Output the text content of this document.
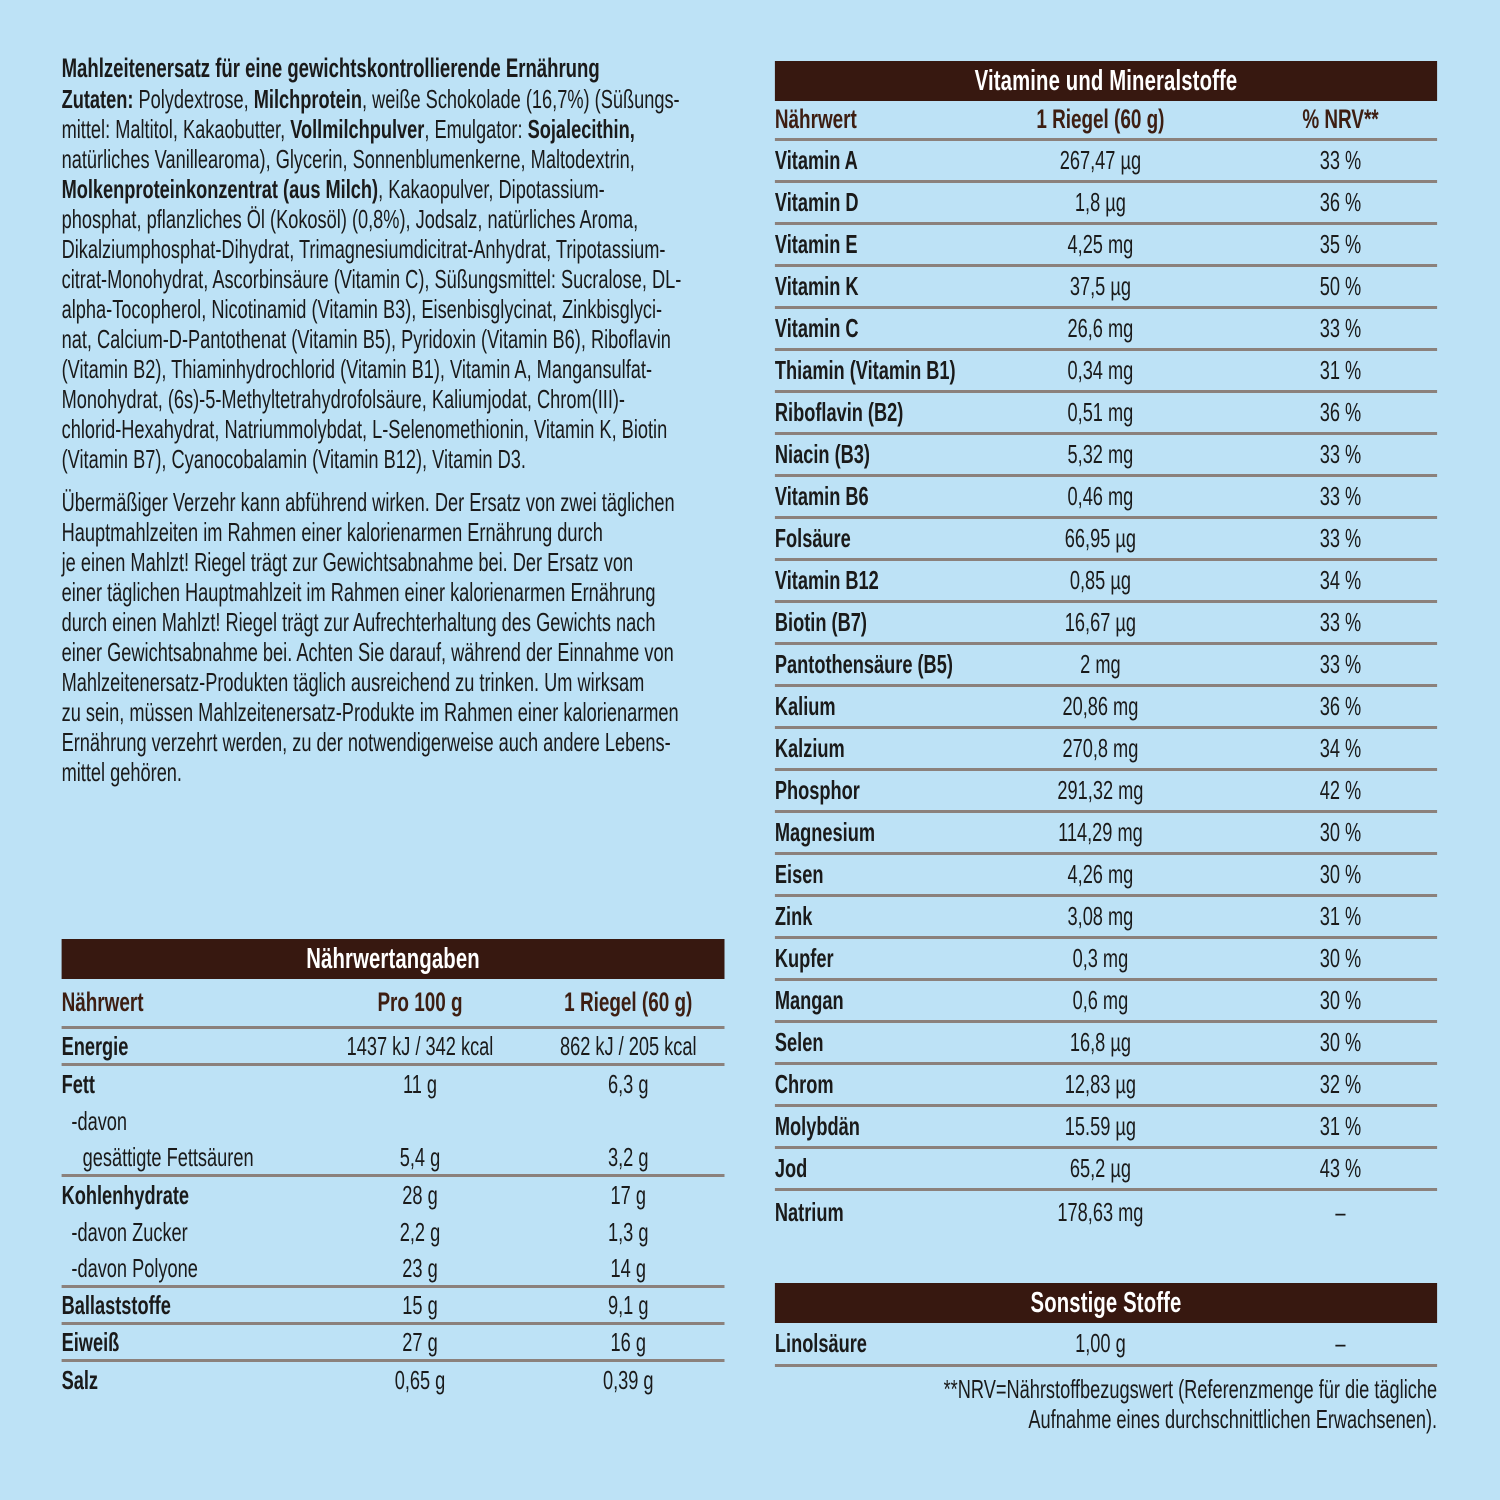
Mahlzeitenersatz für eine gewichtskontrollierende Ernährung
Zutaten: Polydextrose, Milchprotein, weiße Schokolade (16,7%) (Süßungs-
mittel: Maltitol, Kakaobutter, Vollmilchpulver, Emulgator: Sojalecithin,
natürliches Vanillearoma), Glycerin, Sonnenblumenkerne, Maltodextrin,
Molkenproteinkonzentrat (aus Milch), Kakaopulver, Dipotassium-
phosphat, pflanzliches Öl (Kokosöl) (0,8%), Jodsalz, natürliches Aroma,
Dikalziumphosphat-Dihydrat, Trimagnesiumdicitrat-Anhydrat, Tripotassium-
citrat-Monohydrat, Ascorbinsäure (Vitamin C), Süßungsmittel: Sucralose, DL-
alpha-Tocopherol, Nicotinamid (Vitamin B3), Eisenbisglycinat, Zinkbisglyci-
nat, Calcium-D-Pantothenat (Vitamin B5), Pyridoxin (Vitamin B6), Riboflavin
(Vitamin B2), Thiaminhydrochlorid (Vitamin B1), Vitamin A, Mangansulfat-
Monohydrat, (6s)-5-Methyltetrahydrofolsäure, Kaliumjodat, Chrom(III)-
chlorid-Hexahydrat, Natriummolybdat, L-Selenomethionin, Vitamin K, Biotin
(Vitamin B7), Cyanocobalamin (Vitamin B12), Vitamin D3.
Übermäßiger Verzehr kann abführend wirken. Der Ersatz von zwei täglichen
Hauptmahlzeiten im Rahmen einer kalorienarmen Ernährung durch
je einen Mahlzt! Riegel trägt zur Gewichtsabnahme bei. Der Ersatz von
einer täglichen Hauptmahlzeit im Rahmen einer kalorienarmen Ernährung
durch einen Mahlzt! Riegel trägt zur Aufrechterhaltung des Gewichts nach
einer Gewichtsabnahme bei. Achten Sie darauf, während der Einnahme von
Mahlzeitenersatz-Produkten täglich ausreichend zu trinken. Um wirksam
zu sein, müssen Mahlzeitenersatz-Produkte im Rahmen einer kalorienarmen
Ernährung verzehrt werden, zu der notwendigerweise auch andere Lebens-
mittel gehören.
Nährwertangaben
Nährwert	Pro 100 g	1 Riegel (60 g)
Energie	1437 kJ / 342 kcal	862 kJ / 205 kcal
Fett	11 g	6,3 g
-davon
gesättigte Fettsäuren	5,4 g	3,2 g
Kohlenhydrate	28 g	17 g
-davon Zucker	2,2 g	1,3 g
-davon Polyone	23 g	14 g
Ballaststoffe	15 g	9,1 g
Eiweiß	27 g	16 g
Salz	0,65 g	0,39 g
Vitamine und Mineralstoffe
Nährwert	1 Riegel (60 g)	% NRV**
Vitamin A	267,47 µg	33 %
Vitamin D	1,8 µg	36 %
Vitamin E	4,25 mg	35 %
Vitamin K	37,5 µg	50 %
Vitamin C	26,6 mg	33 %
Thiamin (Vitamin B1)	0,34 mg	31 %
Riboflavin (B2)	0,51 mg	36 %
Niacin (B3)	5,32 mg	33 %
Vitamin B6	0,46 mg	33 %
Folsäure	66,95 µg	33 %
Vitamin B12	0,85 µg	34 %
Biotin (B7)	16,67 µg	33 %
Pantothensäure (B5)	2 mg	33 %
Kalium	20,86 mg	36 %
Kalzium	270,8 mg	34 %
Phosphor	291,32 mg	42 %
Magnesium	114,29 mg	30 %
Eisen	4,26 mg	30 %
Zink	3,08 mg	31 %
Kupfer	0,3 mg	30 %
Mangan	0,6 mg	30 %
Selen	16,8 µg	30 %
Chrom	12,83 µg	32 %
Molybdän	15.59 µg	31 %
Jod	65,2 µg	43 %
Natrium	178,63 mg	–
Sonstige Stoffe
Linolsäure	1,00 g	–
**NRV=Nährstoffbezugswert (Referenzmenge für die tägliche
Aufnahme eines durchschnittlichen Erwachsenen).
